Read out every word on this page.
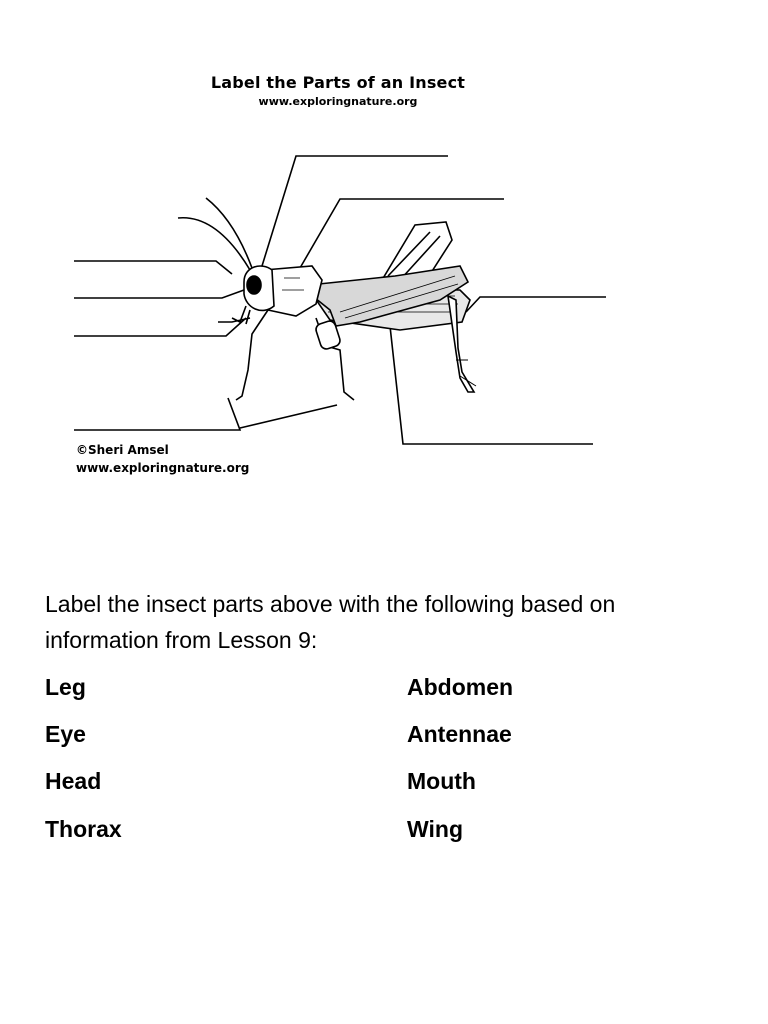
Label the Parts of an Insect
www.exploringnature.org
©Sheri Amsel
www.exploringnature.org
Label the insect parts above with the following based on information from Lesson 9:
Leg
Eye
Head
Thorax
Abdomen
Antennae
Mouth
Wing
